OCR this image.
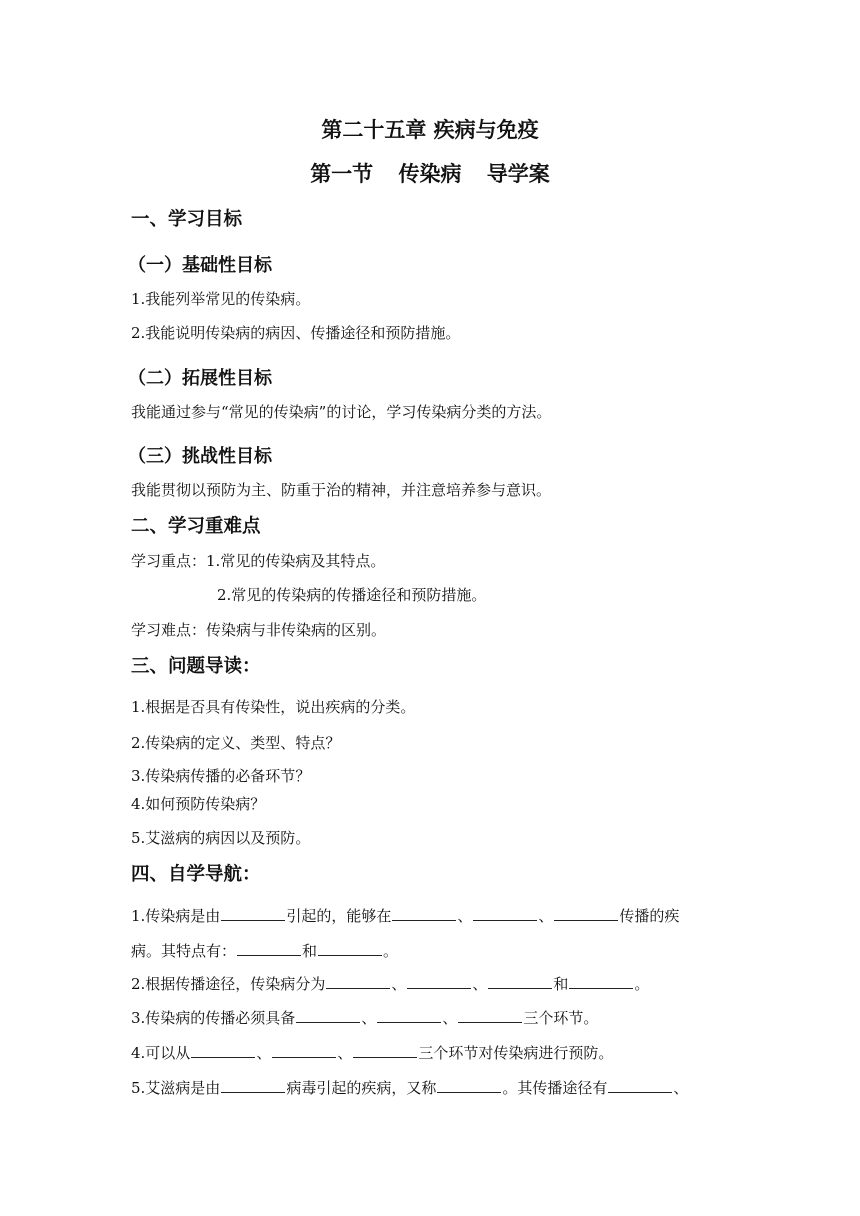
第二十五章 疾病与免疫
第一节 传染病 导学案
一、学习目标
（一）基础性目标
1.我能列举常见的传染病。
2.我能说明传染病的病因、传播途径和预防措施。
（二）拓展性目标
我能通过参与“常见的传染病”的讨论，学习传染病分类的方法。
（三）挑战性目标
我能贯彻以预防为主、防重于治的精神，并注意培养参与意识。
二、学习重难点
学习重点：1.常见的传染病及其特点。
2.常见的传染病的传播途径和预防措施。
学习难点：传染病与非传染病的区别。
三、问题导读：
1.根据是否具有传染性，说出疾病的分类。
2.传染病的定义、类型、特点？
3.传染病传播的必备环节？
4.如何预防传染病？
5.艾滋病的病因以及预防。
四、自学导航：
1.传染病是由	引起的，能够在	、	、	传播的疾
病。其特点有：	和	。
2.根据传播途径，传染病分为	、	、	和	。
3.传染病的传播必须具备	、	、	三个环节。
4.可以从	、	、	三个环节对传染病进行预防。
5.艾滋病是由	病毒引起的疾病，又称	。其传播途径有	、
